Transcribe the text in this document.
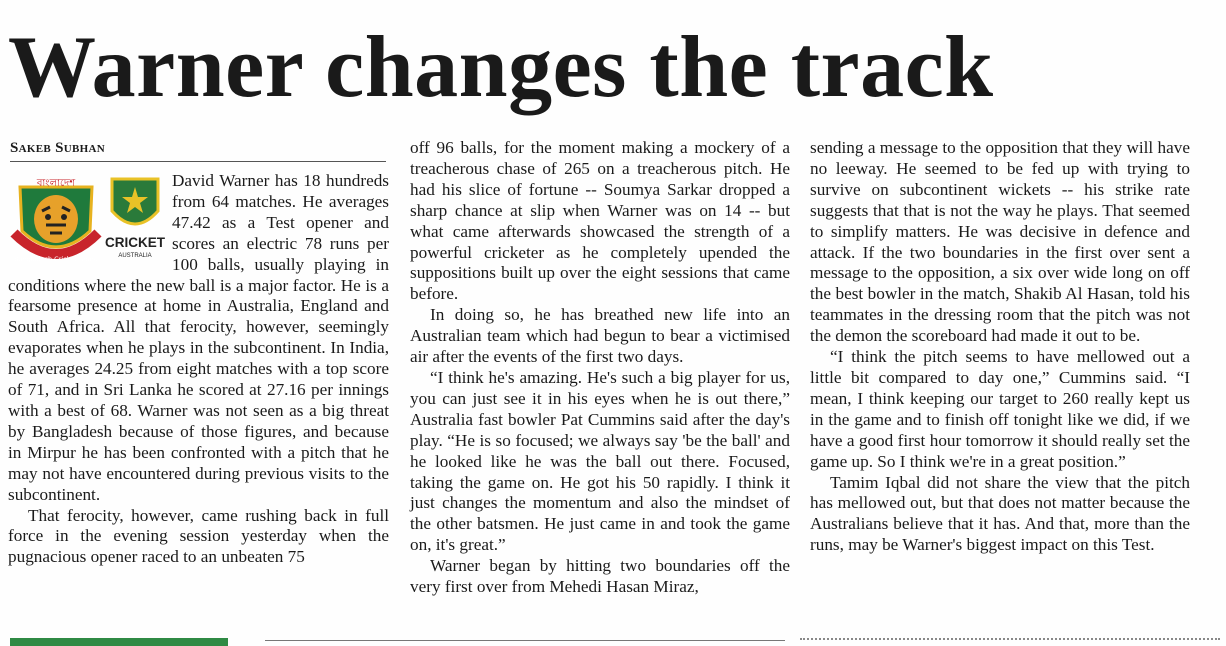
Warner changes the track
Sakeb Subhan
বাংলাদেশ
Bangladesh Cricket Board
CRICKET
AUSTRALIA

David Warner has 18 hundreds from 64 matches. He averages 47.42 as a Test opener and scores an electric 78 runs per 100 balls, usually playing in conditions where the new ball is a major factor. He is a fearsome presence at home in Australia, England and South Africa. All that ferocity, however, seemingly evaporates when he plays in the subcontinent. In India, he averages 24.25 from eight matches with a top score of 71, and in Sri Lanka he scored at 27.16 per innings with a best of 68. Warner was not seen as a big threat by Bangladesh because of those figures, and because in Mirpur he has been confronted with a pitch that he may not have encountered during previous visits to the subcontinent.

That ferocity, however, came rushing back in full force in the evening session yesterday when the pugnacious opener raced to an unbeaten 75

off 96 balls, for the moment making a mockery of a treacherous chase of 265 on a treacherous pitch. He had his slice of fortune -- Soumya Sarkar dropped a sharp chance at slip when Warner was on 14 -- but what came afterwards showcased the strength of a powerful cricketer as he completely upended the suppositions built up over the eight sessions that came before.

In doing so, he has breathed new life into an Australian team which had begun to bear a victimised air after the events of the first two days.

“I think he's amazing. He's such a big player for us, you can just see it in his eyes when he is out there,” Australia fast bowler Pat Cummins said after the day's play. “He is so focused; we always say 'be the ball' and he looked like he was the ball out there. Focused, taking the game on. He got his 50 rapidly. I think it just changes the momentum and also the mindset of the other batsmen. He just came in and took the game on, it's great.”

Warner began by hitting two boundaries off the very first over from Mehedi Hasan Miraz,

sending a message to the opposition that they will have no leeway. He seemed to be fed up with trying to survive on subcontinent wickets -- his strike rate suggests that that is not the way he plays. That seemed to simplify matters. He was decisive in defence and attack. If the two boundaries in the first over sent a message to the opposition, a six over wide long on off the best bowler in the match, Shakib Al Hasan, told his teammates in the dressing room that the pitch was not the demon the scoreboard had made it out to be.

“I think the pitch seems to have mellowed out a little bit compared to day one,” Cummins said. “I mean, I think keeping our target to 260 really kept us in the game and to finish off tonight like we did, if we have a good first hour tomorrow it should really set the game up. So I think we're in a great position.”

Tamim Iqbal did not share the view that the pitch has mellowed out, but that does not matter because the Australians believe that it has. And that, more than the runs, may be Warner's biggest impact on this Test.
